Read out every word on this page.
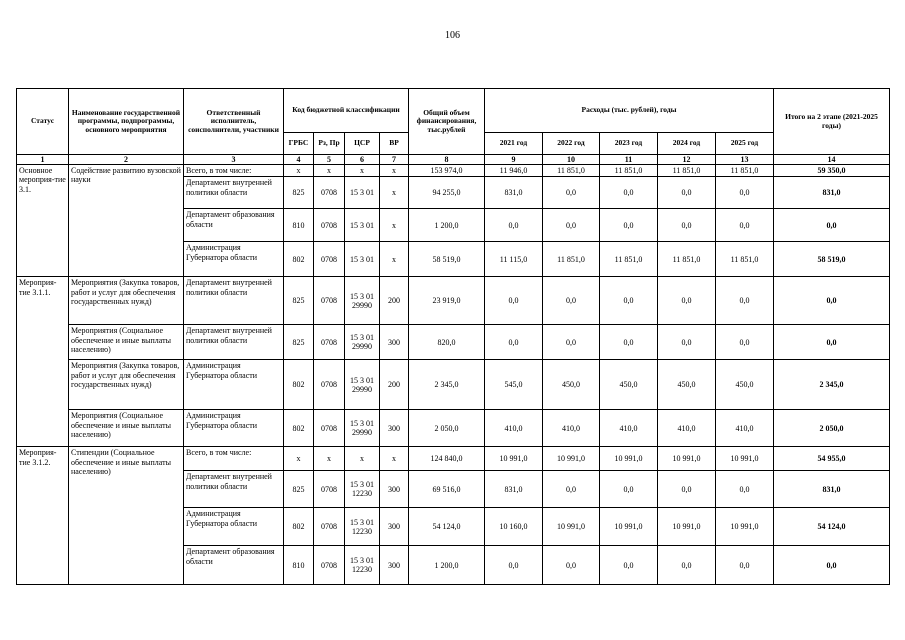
106
Статус	Наименование государственной программы, подпрограммы, основного мероприятия	Ответственный исполнитель, соисполнители, участники	Код бюджетной классификации				Общий объем финансирования, тыс.рублей	Расходы (тыс. рублей), годы					Итого на 2 этапе (2021-2025 годы)
			ГРБС	Рз, Пр	ЦСР	ВР		2021 год	2022 год	2023 год	2024 год	2025 год	
1	2	3	4	5	6	7	8	9	10	11	12	13	14
Основное мероприя-тие 3.1.	Содействие развитию вузовской науки	Всего, в том числе:	х	х	х	х	153 974,0	11 946,0	11 851,0	11 851,0	11 851,0	11 851,0	59 350,0
		Департамент внутренней политики области	825	0708	15 3 01	х	94 255,0	831,0	0,0	0,0	0,0	0,0	831,0
		Департамент образования области	810	0708	15 3 01	х	1 200,0	0,0	0,0	0,0	0,0	0,0	0,0
		Администрация Губернатора области	802	0708	15 3 01	х	58 519,0	11 115,0	11 851,0	11 851,0	11 851,0	11 851,0	58 519,0
Мероприя-тие 3.1.1.	Мероприятия (Закупка товаров, работ и услуг для обеспечения государственных нужд)	Департамент внутренней политики области	825	0708	15 3 01 29990	200	23 919,0	0,0	0,0	0,0	0,0	0,0	0,0
	Мероприятия (Социальное обеспечение и иные выплаты населению)	Департамент внутренней политики области	825	0708	15 3 01 29990	300	820,0	0,0	0,0	0,0	0,0	0,0	0,0
	Мероприятия (Закупка товаров, работ и услуг для обеспечения государственных нужд)	Администрация Губернатора области	802	0708	15 3 01 29990	200	2 345,0	545,0	450,0	450,0	450,0	450,0	2 345,0
	Мероприятия (Социальное обеспечение и иные выплаты населению)	Администрация Губернатора области	802	0708	15 3 01 29990	300	2 050,0	410,0	410,0	410,0	410,0	410,0	2 050,0
Мероприя-тие 3.1.2.	Стипендии (Социальное обеспечение и иные выплаты населению)	Всего, в том числе:	х	х	х	х	124 840,0	10 991,0	10 991,0	10 991,0	10 991,0	10 991,0	54 955,0
		Департамент внутренней политики области	825	0708	15 3 01 12230	300	69 516,0	831,0	0,0	0,0	0,0	0,0	831,0
		Администрация Губернатора области	802	0708	15 3 01 12230	300	54 124,0	10 160,0	10 991,0	10 991,0	10 991,0	10 991,0	54 124,0
		Департамент образования области	810	0708	15 3 01 12230	300	1 200,0	0,0	0,0	0,0	0,0	0,0	0,0
